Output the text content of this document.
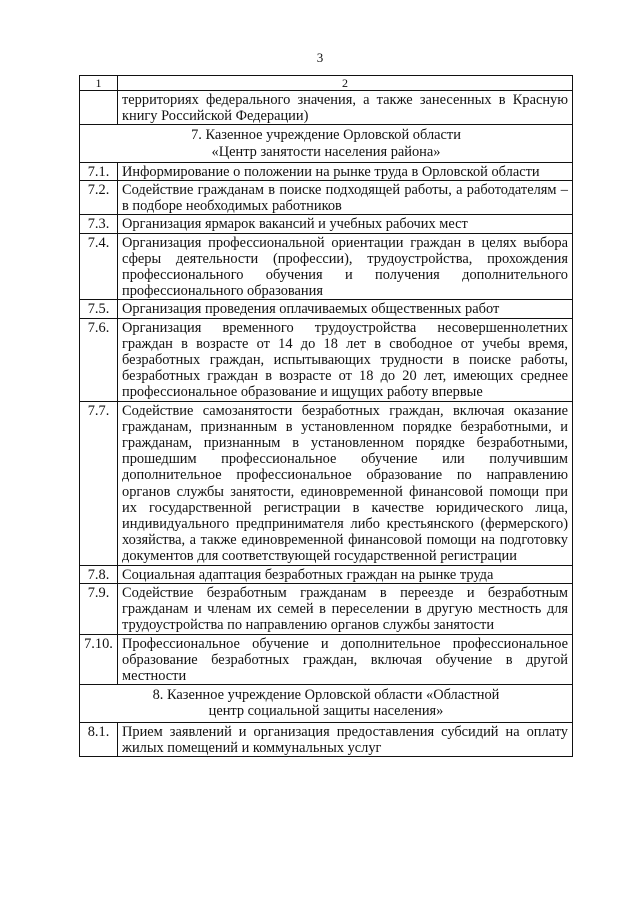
3
1	2
	территориях федерального значения, а также занесенных в Красную книгу Российской Федерации)

7. Казенное учреждение Орловской области
«Центр занятости населения района»	

7.1.	Информирование о положении на рынке труда в Орловской области
7.2.	Содействие гражданам в поиске подходящей работы, а работодателям – в подборе необходимых работников
7.3.	Организация ярмарок вакансий и учебных рабочих мест
7.4.	Организация профессиональной ориентации граждан в целях выбора сферы деятельности (профессии), трудоустройства, прохождения профессионального обучения и получения дополнительного профессионального образования
7.5.	Организация проведения оплачиваемых общественных работ
7.6.	Организация временного трудоустройства несовершеннолетних граждан в возрасте от 14 до 18 лет в свободное от учебы время, безработных граждан, испытывающих трудности в поиске работы, безработных граждан в возрасте от 18 до 20 лет, имеющих среднее профессиональное образование и ищущих работу впервые
7.7.	Содействие самозанятости безработных граждан, включая оказание гражданам, признанным в установленном порядке безработными, и гражданам, признанным в установленном порядке безработными, прошедшим профессиональное обучение или получившим дополнительное профессиональное образование по направлению органов службы занятости, единовременной финансовой помощи при их государственной регистрации в качестве юридического лица, индивидуального предпринимателя либо крестьянского (фермерского) хозяйства, а также единовременной финансовой помощи на подготовку документов для соответствующей государственной регистрации
7.8.	Социальная адаптация безработных граждан на рынке труда
7.9.	Содействие безработным гражданам в переезде и безработным гражданам и членам их семей в переселении в другую местность для трудоустройства по направлению органов службы занятости
7.10.	Профессиональное обучение и дополнительное профессиональное образование безработных граждан, включая обучение в другой местности

8. Казенное учреждение Орловской области «Областной
центр социальной защиты населения»	

8.1.	Прием заявлений и организация предоставления субсидий на оплату жилых помещений и коммунальных услуг
